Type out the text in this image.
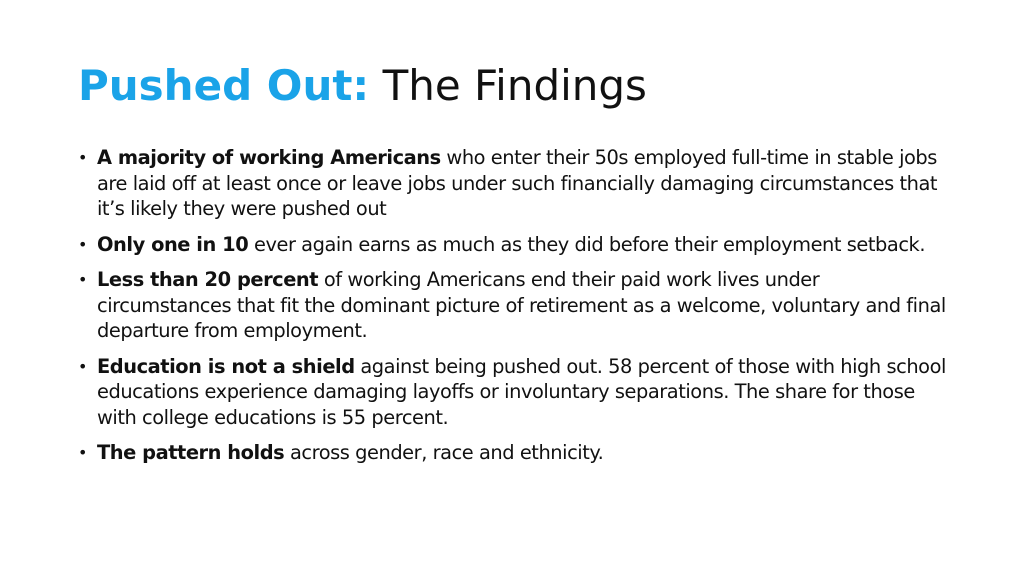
Pushed Out: The Findings
• A majority of working Americans who enter their 50s employed full-time in stable jobs are laid off at least once or leave jobs under such financially damaging circumstances that it’s likely they were pushed out
• Only one in 10 ever again earns as much as they did before their employment setback.
• Less than 20 percent of working Americans end their paid work lives under circumstances that fit the dominant picture of retirement as a welcome, voluntary and final departure from employment.
• Education is not a shield against being pushed out. 58 percent of those with high school educations experience damaging layoffs or involuntary separations. The share for those with college educations is 55 percent.
• The pattern holds across gender, race and ethnicity.
